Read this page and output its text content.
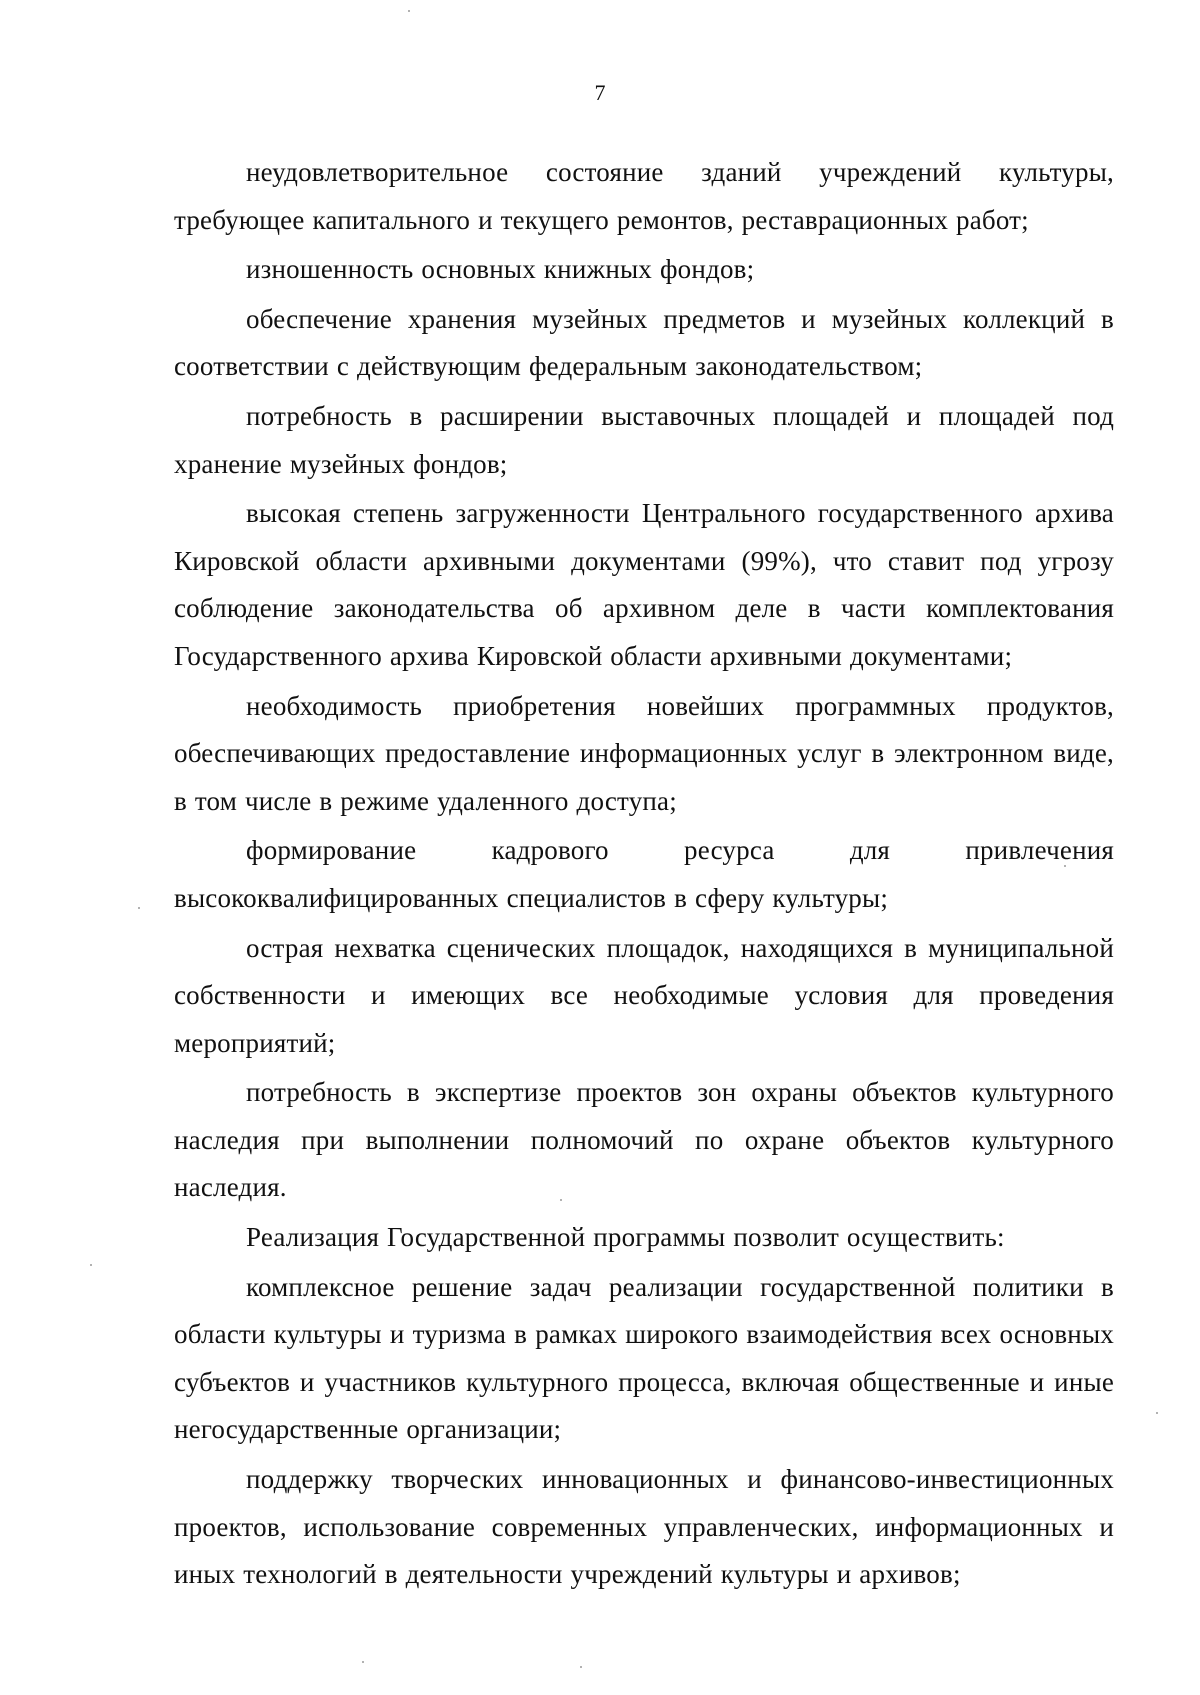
7

неудовлетворительное состояние зданий учреждений культуры, требующее капитального и текущего ремонтов, реставрационных работ;

изношенность основных книжных фондов;

обеспечение хранения музейных предметов и музейных коллекций в соответствии с действующим федеральным законодательством;

потребность в расширении выставочных площадей и площадей под хранение музейных фондов;

высокая степень загруженности Центрального государственного архива Кировской области архивными документами (99%), что ставит под угрозу соблюдение законодательства об архивном деле в части комплектования Государственного архива Кировской области архивными документами;

необходимость приобретения новейших программных продуктов, обеспечивающих предоставление информационных услуг в электронном виде, в том числе в режиме удаленного доступа;

формирование кадрового ресурса для привлечения высококвалифицированных специалистов в сферу культуры;

острая нехватка сценических площадок, находящихся в муниципальной собственности и имеющих все необходимые условия для проведения мероприятий;

потребность в экспертизе проектов зон охраны объектов культурного наследия при выполнении полномочий по охране объектов культурного наследия.

Реализация Государственной программы позволит осуществить:

комплексное решение задач реализации государственной политики в области культуры и туризма в рамках широкого взаимодействия всех основных субъектов и участников культурного процесса, включая общественные и иные негосударственные организации;

поддержку творческих инновационных и финансово-инвестиционных проектов, использование современных управленческих, информационных и иных технологий в деятельности учреждений культуры и архивов;
